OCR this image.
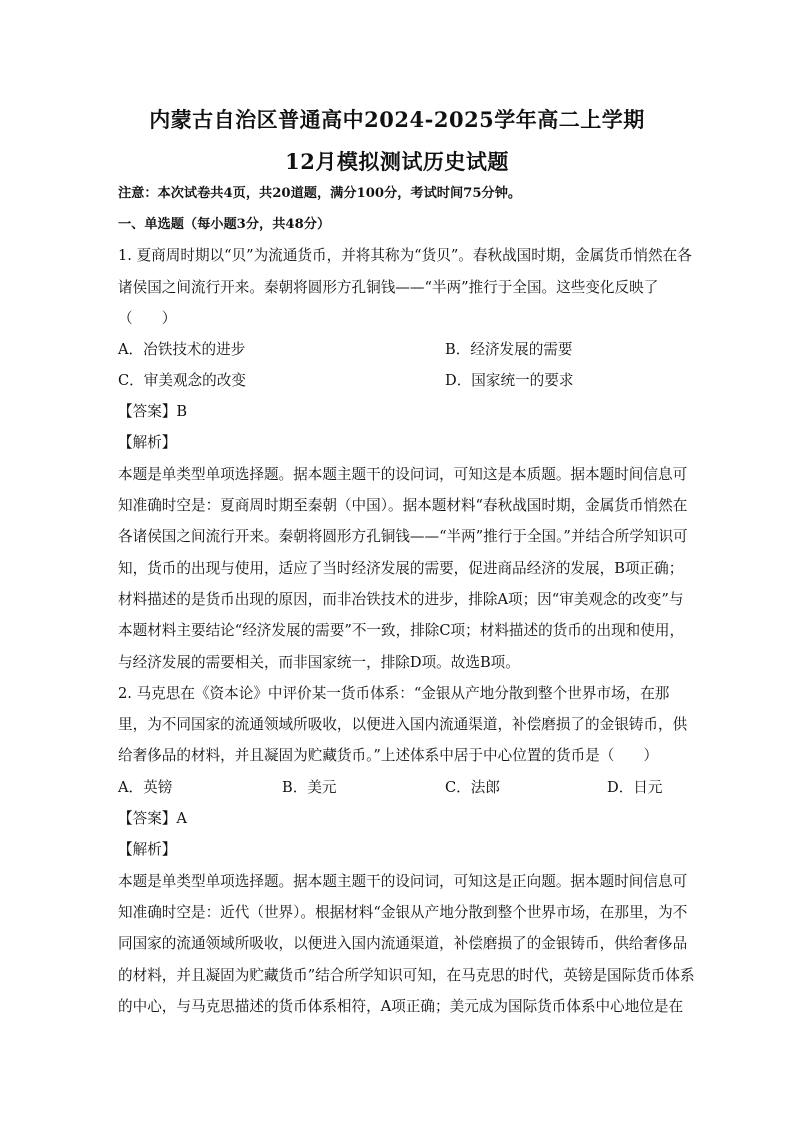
内蒙古自治区普通高中2024-2025学年高二上学期
12月模拟测试历史试题
注意：本次试卷共4页，共20道题，满分100分，考试时间75分钟。
一、单选题（每小题3分，共48分）
1. 夏商周时期以“贝”为流通货币，并将其称为“货贝”。春秋战国时期，金属货币悄然在各
诸侯国之间流行开来。秦朝将圆形方孔铜钱——“半两”推行于全国。这些变化反映了
（　　）
A．冶铁技术的进步	B．经济发展的需要
C．审美观念的改变	D．国家统一的要求
【答案】B
【解析】
本题是单类型单项选择题。据本题主题干的设问词，可知这是本质题。据本题时间信息可
知准确时空是：夏商周时期至秦朝（中国）。据本题材料“春秋战国时期，金属货币悄然在
各诸侯国之间流行开来。秦朝将圆形方孔铜钱——“半两”推行于全国。”并结合所学知识可
知，货币的出现与使用，适应了当时经济发展的需要，促进商品经济的发展，B项正确；
材料描述的是货币出现的原因，而非冶铁技术的进步，排除A项；因“审美观念的改变”与
本题材料主要结论“经济发展的需要”不一致，排除C项；材料描述的货币的出现和使用，
与经济发展的需要相关，而非国家统一，排除D项。故选B项。
2. 马克思在《资本论》中评价某一货币体系：“金银从产地分散到整个世界市场，在那
里，为不同国家的流通领域所吸收，以便进入国内流通渠道，补偿磨损了的金银铸币，供
给奢侈品的材料，并且凝固为贮藏货币。”上述体系中居于中心位置的货币是（　　）
A．英镑	B．美元	C．法郎	D．日元
【答案】A
【解析】
本题是单类型单项选择题。据本题主题干的设问词，可知这是正向题。据本题时间信息可
知准确时空是：近代（世界）。根据材料“金银从产地分散到整个世界市场，在那里，为不
同国家的流通领域所吸收，以便进入国内流通渠道，补偿磨损了的金银铸币，供给奢侈品
的材料，并且凝固为贮藏货币”结合所学知识可知，在马克思的时代，英镑是国际货币体系
的中心，与马克思描述的货币体系相符，A项正确；美元成为国际货币体系中心地位是在
